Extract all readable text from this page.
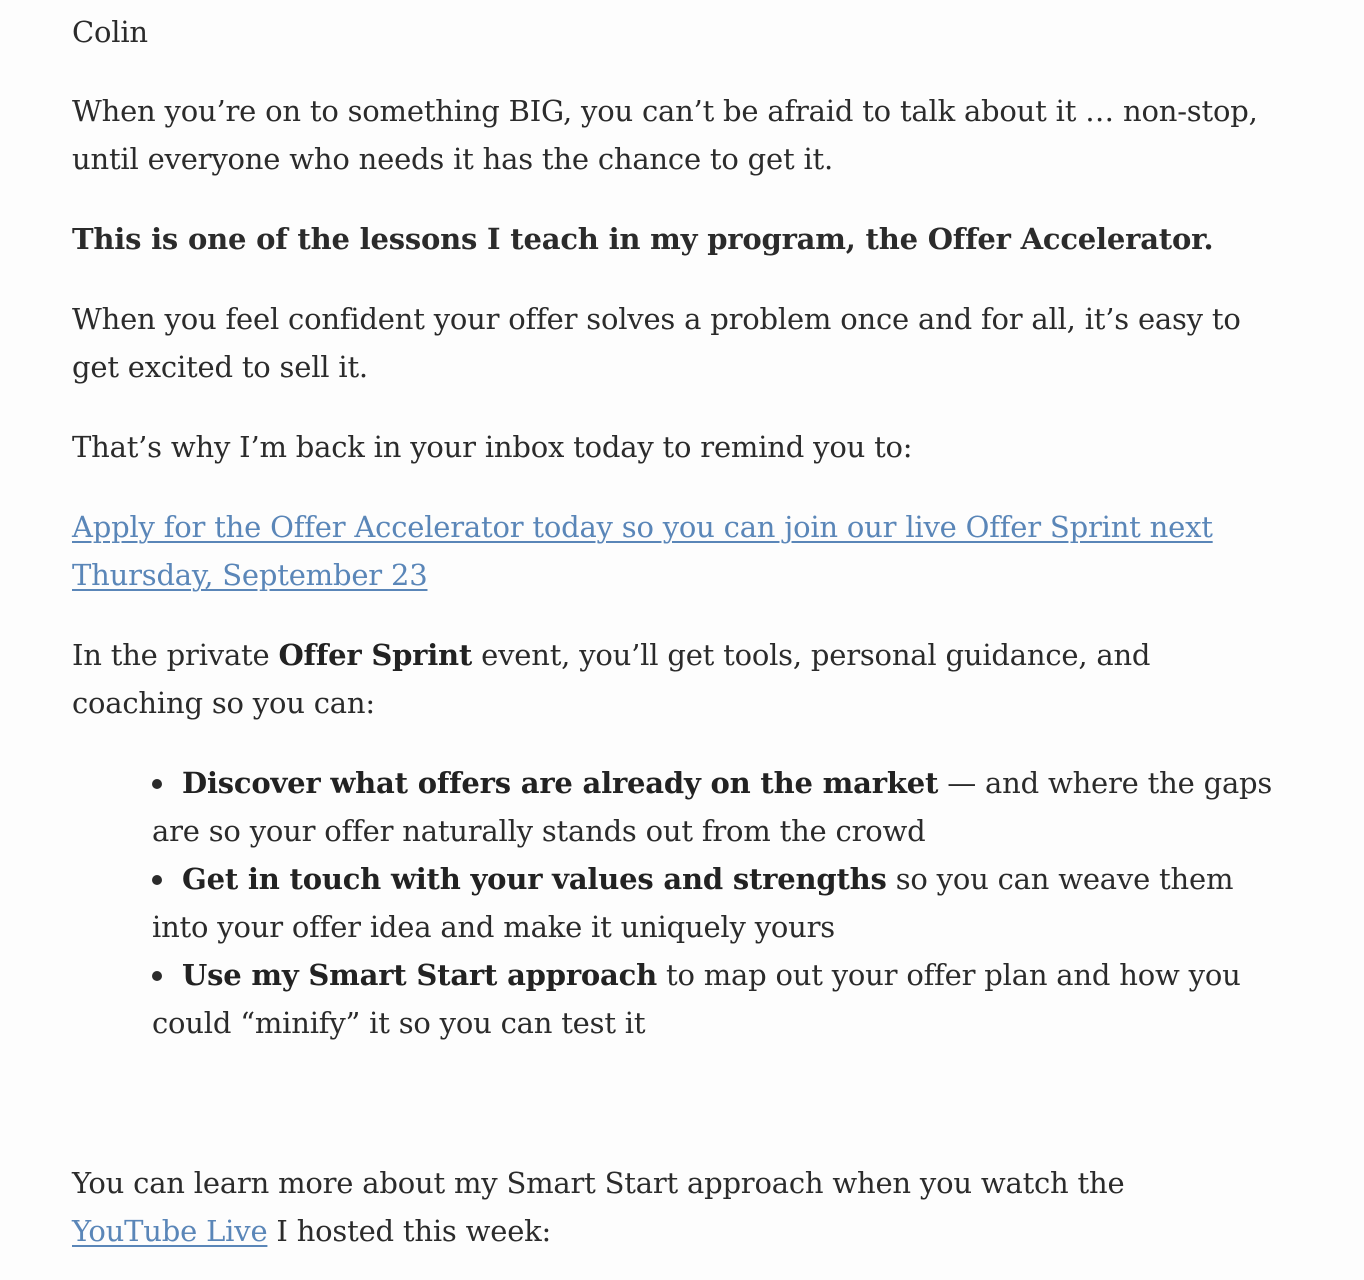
Colin

When you’re on to something BIG, you can’t be afraid to talk about it … non-stop, until everyone who needs it has the chance to get it.

This is one of the lessons I teach in my program, the Offer Accelerator.

When you feel confident your offer solves a problem once and for all, it’s easy to get excited to sell it.

That’s why I’m back in your inbox today to remind you to:

Apply for the Offer Accelerator today so you can join our live Offer Sprint next Thursday, September 23

In the private Offer Sprint event, you’ll get tools, personal guidance, and coaching so you can:

Discover what offers are already on the market — and where the gaps are so your offer naturally stands out from the crowd
Get in touch with your values and strengths so you can weave them into your offer idea and make it uniquely yours
Use my Smart Start approach to map out your offer plan and how you could “minify” it so you can test it

You can learn more about my Smart Start approach when you watch the YouTube Live I hosted this week:
